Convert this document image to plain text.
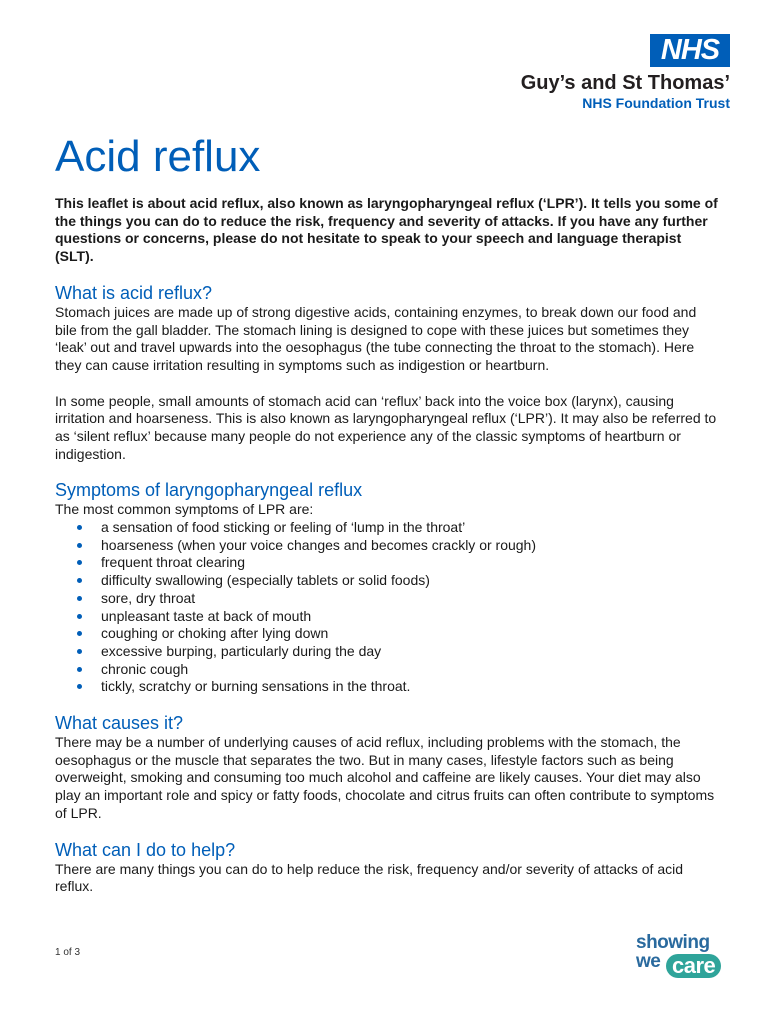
NHS
Guy’s and St Thomas’
NHS Foundation Trust
Acid reflux

This leaflet is about acid reflux, also known as laryngopharyngeal reflux (‘LPR’). It tells you some of the things you can do to reduce the risk, frequency and severity of attacks. If you have any further questions or concerns, please do not hesitate to speak to your speech and language therapist (SLT).

What is acid reflux?

Stomach juices are made up of strong digestive acids, containing enzymes, to break down our food and bile from the gall bladder. The stomach lining is designed to cope with these juices but sometimes they ‘leak’ out and travel upwards into the oesophagus (the tube connecting the throat to the stomach). Here they can cause irritation resulting in symptoms such as indigestion or heartburn.

In some people, small amounts of stomach acid can ‘reflux’ back into the voice box (larynx), causing irritation and hoarseness. This is also known as laryngopharyngeal reflux (‘LPR’). It may also be referred to as ‘silent reflux’ because many people do not experience any of the classic symptoms of heartburn or indigestion.

Symptoms of laryngopharyngeal reflux

The most common symptoms of LPR are:

a sensation of food sticking or feeling of ‘lump in the throat’
hoarseness (when your voice changes and becomes crackly or rough)
frequent throat clearing
difficulty swallowing (especially tablets or solid foods)
sore, dry throat
unpleasant taste at back of mouth
coughing or choking after lying down
excessive burping, particularly during the day
chronic cough
tickly, scratchy or burning sensations in the throat.
What causes it?

There may be a number of underlying causes of acid reflux, including problems with the stomach, the oesophagus or the muscle that separates the two. But in many cases, lifestyle factors such as being overweight, smoking and consuming too much alcohol and caffeine are likely causes. Your diet may also play an important role and spicy or fatty foods, chocolate and citrus fruits can often contribute to symptoms of LPR.

What can I do to help?

There are many things you can do to help reduce the risk, frequency and/or severity of attacks of acid reflux.

1 of 3	showing
we care
